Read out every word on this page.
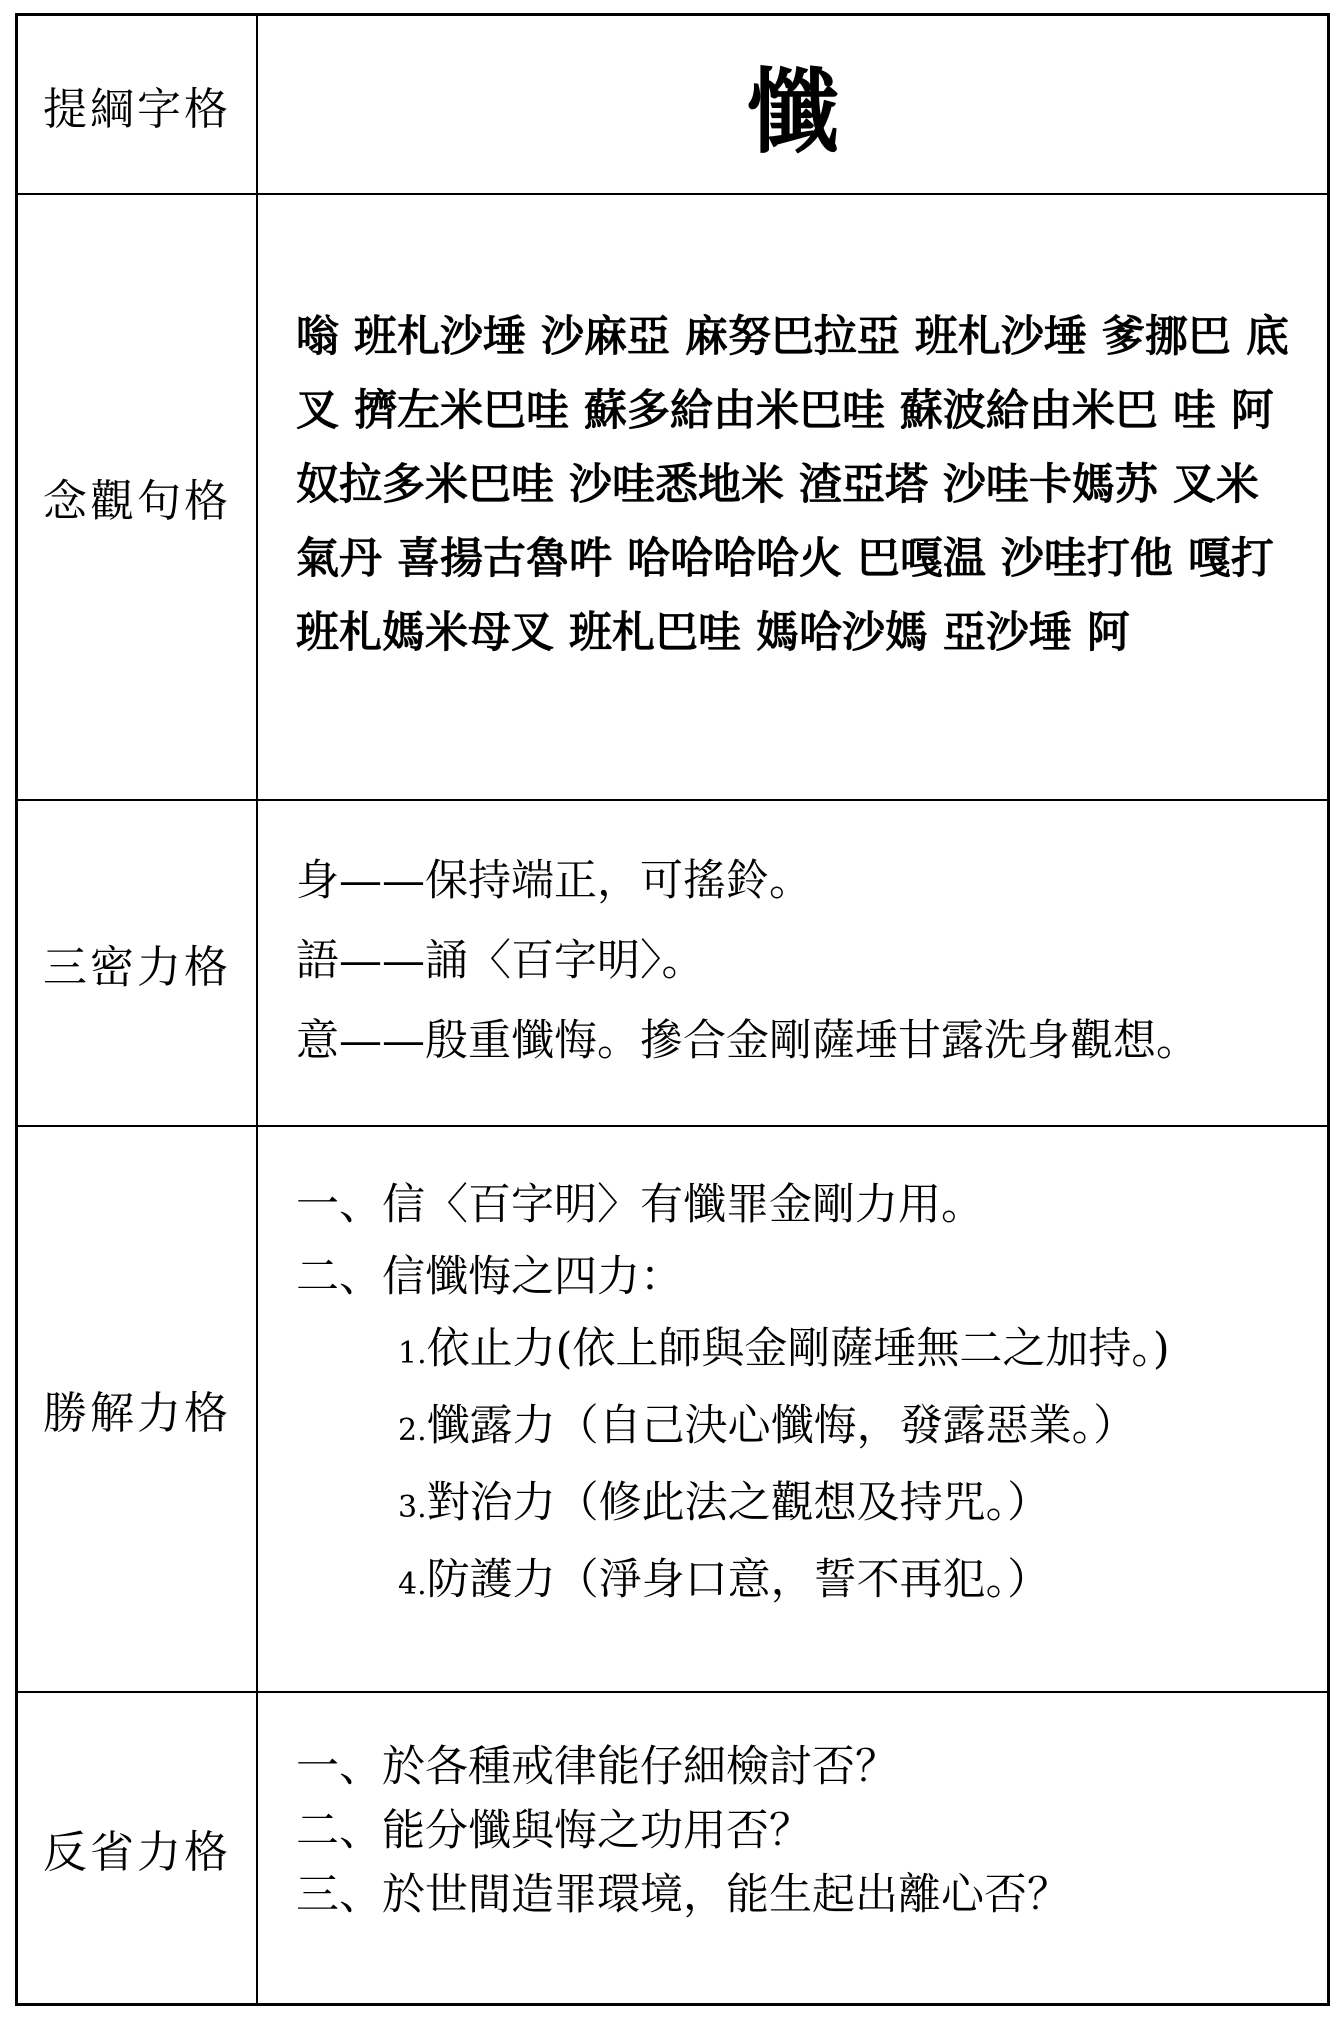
提綱字格	懺
念觀句格
嗡 班札沙埵 沙麻亞 麻努巴拉亞 班札沙埵 爹挪巴 底叉 擠左米巴哇 蘇多給由米巴哇 蘇波給由米巴 哇 阿奴拉多米巴哇 沙哇悉地米 渣亞塔 沙哇卡媽苏 叉米 氣丹 喜揚古魯吽 哈哈哈哈火 巴嘎温 沙哇打他 嘎打 班札媽米母叉 班札巴哇 媽哈沙媽 亞沙埵 阿
三密力格
身——保持端正，可搖鈴。
語——誦〈百字明〉。
意——殷重懺悔。摻合金剛薩埵甘露洗身觀想。
勝解力格
一、信〈百字明〉有懺罪金剛力用。
二、信懺悔之四力：
1.依止力(依上師與金剛薩埵無二之加持。)
2.懺露力（自己決心懺悔，發露惡業。）
3.對治力（修此法之觀想及持咒。）
4.防護力（淨身口意，誓不再犯。）
反省力格
一、於各種戒律能仔細檢討否？
二、能分懺與悔之功用否？
三、於世間造罪環境，能生起出離心否？
